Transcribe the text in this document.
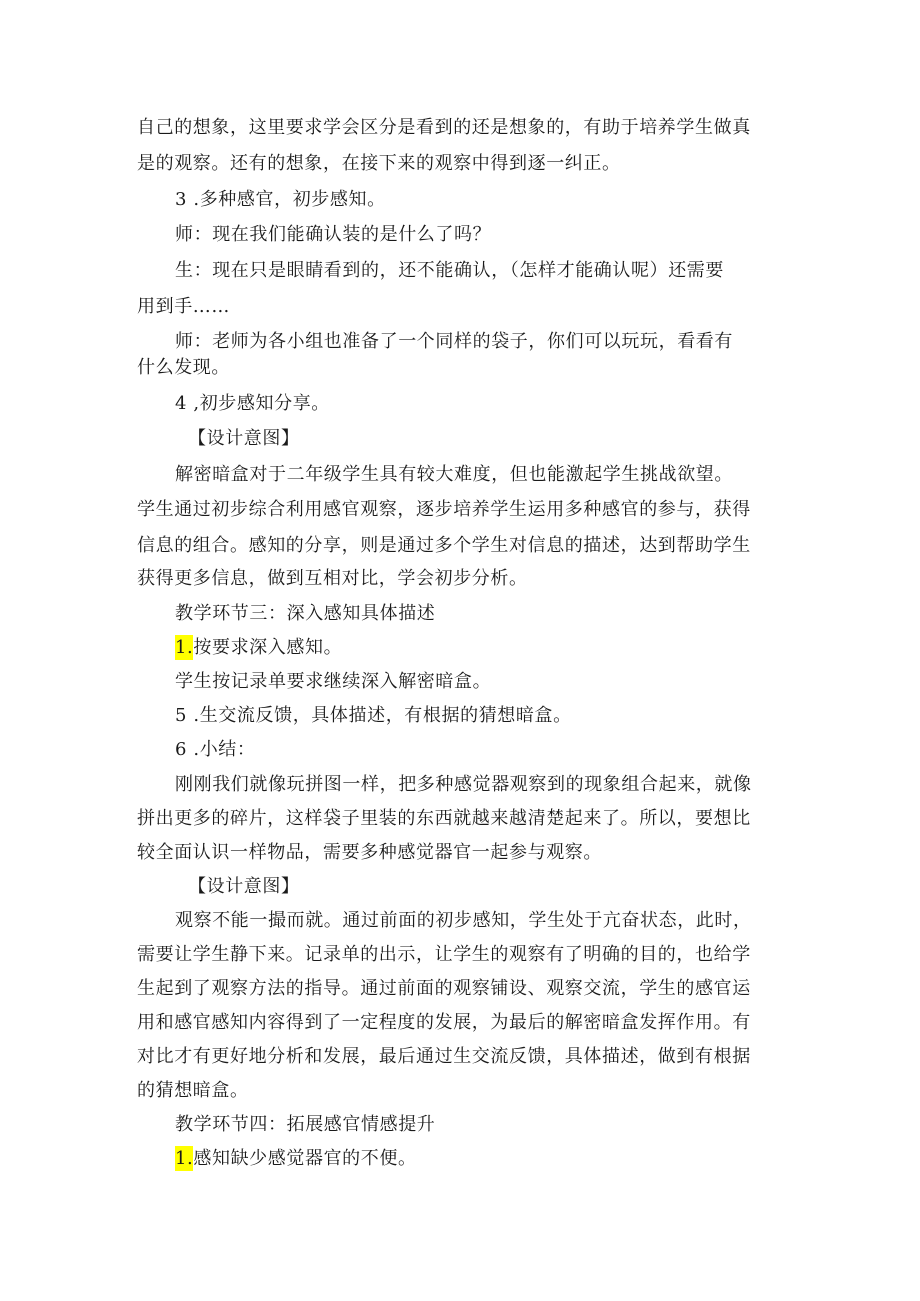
自己的想象，这里要求学会区分是看到的还是想象的，有助于培养学生做真
是的观察。还有的想象，在接下来的观察中得到逐一纠正。
3 .多种感官，初步感知。
师：现在我们能确认装的是什么了吗？
生：现在只是眼睛看到的，还不能确认，（怎样才能确认呢）还需要
用到手……
师：老师为各小组也准备了一个同样的袋子，你们可以玩玩，看看有
什么发现。
4 ,初步感知分享。
【设计意图】
解密暗盒对于二年级学生具有较大难度，但也能激起学生挑战欲望。
学生通过初步综合利用感官观察，逐步培养学生运用多种感官的参与，获得
信息的组合。感知的分享，则是通过多个学生对信息的描述，达到帮助学生
获得更多信息，做到互相对比，学会初步分析。
教学环节三：深入感知具体描述
1.按要求深入感知。
学生按记录单要求继续深入解密暗盒。
5 .生交流反馈，具体描述，有根据的猜想暗盒。
6 .小结：
刚刚我们就像玩拼图一样，把多种感觉器观察到的现象组合起来，就像
拼出更多的碎片，这样袋子里装的东西就越来越清楚起来了。所以，要想比
较全面认识一样物品，需要多种感觉器官一起参与观察。
【设计意图】
观察不能一撮而就。通过前面的初步感知，学生处于亢奋状态，此时，
需要让学生静下来。记录单的出示，让学生的观察有了明确的目的，也给学
生起到了观察方法的指导。通过前面的观察铺设、观察交流，学生的感官运
用和感官感知内容得到了一定程度的发展，为最后的解密暗盒发挥作用。有
对比才有更好地分析和发展，最后通过生交流反馈，具体描述，做到有根据
的猜想暗盒。
教学环节四：拓展感官情感提升
1.感知缺少感觉器官的不便。
